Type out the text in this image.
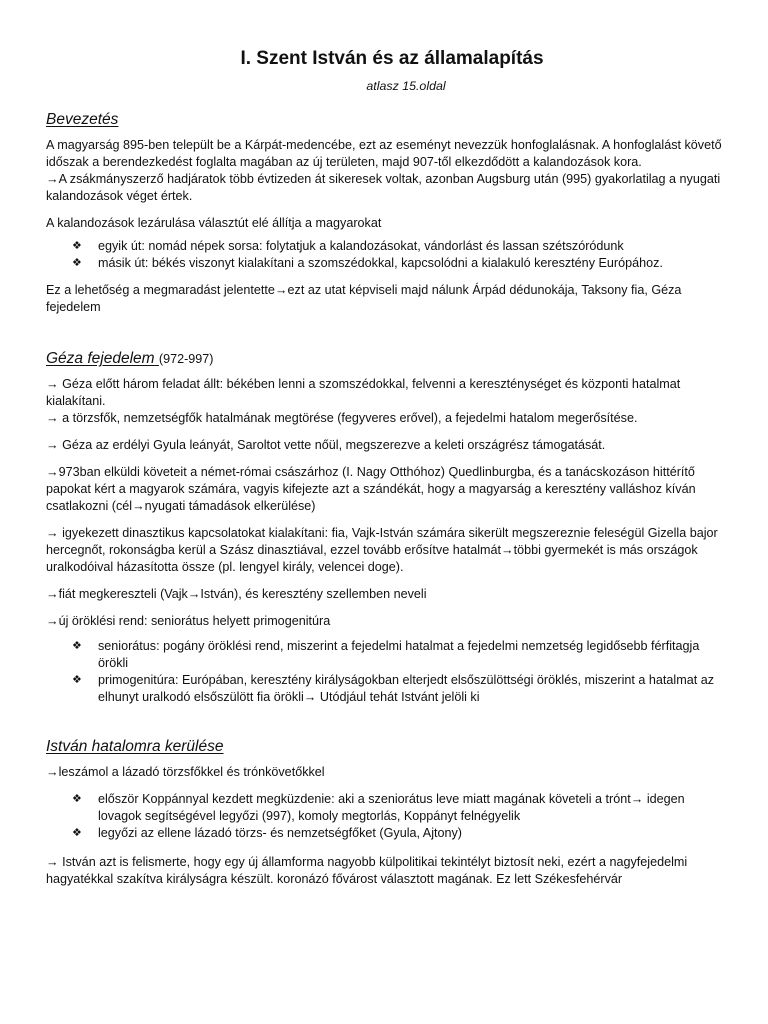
I. Szent István és az államalapítás
atlasz 15.oldal
Bevezetés

A magyarság 895-ben települt be a Kárpát-medencébe, ezt az eseményt nevezzük honfoglalásnak. A honfoglalást követő időszak a berendezkedést foglalta magában az új területen, majd 907-től elkezdődött a kalandozások kora.
→A zsákmányszerző hadjáratok több évtizeden át sikeresek voltak, azonban Augsburg után (995) gyakorlatilag a nyugati kalandozások véget értek.

A kalandozások lezárulása választút elé állítja a magyarokat

❖ egyik út: nomád népek sorsa: folytatjuk a kalandozásokat, vándorlást és lassan szétszóródunk
❖ másik út: békés viszonyt kialakítani a szomszédokkal, kapcsolódni a kialakuló keresztény Európához.

Ez a lehetőség a megmaradást jelentette→ezt az utat képviseli majd nálunk Árpád dédunokája, Taksony fia, Géza fejedelem

Géza fejedelem (972-997)

→ Géza előtt három feladat állt: békében lenni a szomszédokkal, felvenni a kereszténységet és központi hatalmat kialakítani.
→ a törzsfők, nemzetségfők hatalmának megtörése (fegyveres erővel), a fejedelmi hatalom megerősítése.

→ Géza az erdélyi Gyula leányát, Saroltot vette nőül, megszerezve a keleti országrész támogatását.

→973ban elküldi követeit a német-római császárhoz (I. Nagy Otthóhoz) Quedlinburgba, és a tanácskozáson hittérítő papokat kért a magyarok számára, vagyis kifejezte azt a szándékát, hogy a magyarság a keresztény valláshoz kíván csatlakozni (cél→nyugati támadások elkerülése)

→ igyekezett dinasztikus kapcsolatokat kialakítani: fia, Vajk-István számára sikerült megszereznie feleségül Gizella bajor hercegnőt, rokonságba kerül a Szász dinasztiával, ezzel tovább erősítve hatalmát→többi gyermekét is más országok uralkodóival házasította össze (pl. lengyel király, velencei doge).

→fiát megkereszteli (Vajk→István), és keresztény szellemben neveli

→új öröklési rend: seniorátus helyett primogenitúra

❖ seniorátus: pogány öröklési rend, miszerint a fejedelmi hatalmat a fejedelmi nemzetség legidősebb férfitagja örökli
❖ primogenitúra: Európában, keresztény királyságokban elterjedt elsőszülöttségi öröklés, miszerint a hatalmat az elhunyt uralkodó elsőszülött fia örökli→ Utódjául tehát Istvánt jelöli ki
István hatalomra kerülése

→leszámol a lázadó törzsfőkkel és trónkövetőkkel

❖ először Koppánnyal kezdett megküzdenie: aki a szeniorátus leve miatt magának követeli a trónt→ idegen lovagok segítségével legyőzi (997), komoly megtorlás, Koppányt felnégyelik
❖ legyőzi az ellene lázadó törzs- és nemzetségfőket (Gyula, Ajtony)

→ István azt is felismerte, hogy egy új államforma nagyobb külpolitikai tekintélyt biztosít neki, ezért a nagyfejedelmi hagyatékkal szakítva királyságra készült. koronázó fővárost választott magának. Ez lett Székesfehérvár
